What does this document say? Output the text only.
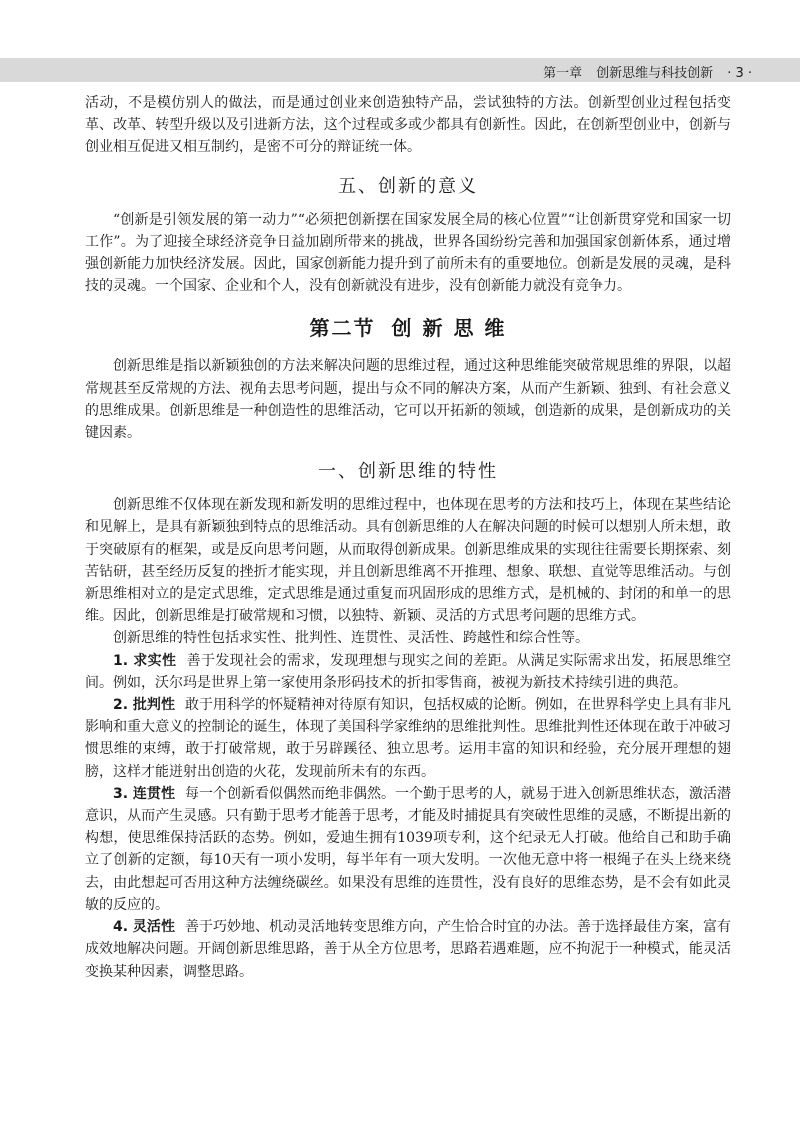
第一章 创新思维与科技创新 · 3 ·

活动，不是模仿别人的做法，而是通过创业来创造独特产品，尝试独特的方法。创新型创业过程包括变革、改革、转型升级以及引进新方法，这个过程或多或少都具有创新性。因此，在创新型创业中，创新与创业相互促进又相互制约，是密不可分的辩证统一体。

五、创新的意义

“创新是引领发展的第一动力”“必须把创新摆在国家发展全局的核心位置”“让创新贯穿党和国家一切工作”。为了迎接全球经济竞争日益加剧所带来的挑战，世界各国纷纷完善和加强国家创新体系，通过增强创新能力加快经济发展。因此，国家创新能力提升到了前所未有的重要地位。创新是发展的灵魂，是科技的灵魂。一个国家、企业和个人，没有创新就没有进步，没有创新能力就没有竞争力。

第二节 创 新 思 维

创新思维是指以新颖独创的方法来解决问题的思维过程，通过这种思维能突破常规思维的界限，以超常规甚至反常规的方法、视角去思考问题，提出与众不同的解决方案，从而产生新颖、独到、有社会意义的思维成果。创新思维是一种创造性的思维活动，它可以开拓新的领域，创造新的成果，是创新成功的关键因素。

一、创新思维的特性

创新思维不仅体现在新发现和新发明的思维过程中，也体现在思考的方法和技巧上，体现在某些结论和见解上，是具有新颖独到特点的思维活动。具有创新思维的人在解决问题的时候可以想别人所未想，敢于突破原有的框架，或是反向思考问题，从而取得创新成果。创新思维成果的实现往往需要长期探索、刻苦钻研，甚至经历反复的挫折才能实现，并且创新思维离不开推理、想象、联想、直觉等思维活动。与创新思维相对立的是定式思维，定式思维是通过重复而巩固形成的思维方式，是机械的、封闭的和单一的思维。因此，创新思维是打破常规和习惯，以独特、新颖、灵活的方式思考问题的思维方式。

创新思维的特性包括求实性、批判性、连贯性、灵活性、跨越性和综合性等。

1. 求实性 善于发现社会的需求，发现理想与现实之间的差距。从满足实际需求出发，拓展思维空间。例如，沃尔玛是世界上第一家使用条形码技术的折扣零售商，被视为新技术持续引进的典范。

2. 批判性 敢于用科学的怀疑精神对待原有知识，包括权威的论断。例如，在世界科学史上具有非凡影响和重大意义的控制论的诞生，体现了美国科学家维纳的思维批判性。思维批判性还体现在敢于冲破习惯思维的束缚，敢于打破常规，敢于另辟蹊径、独立思考。运用丰富的知识和经验，充分展开理想的翅膀，这样才能迸射出创造的火花，发现前所未有的东西。

3. 连贯性 每一个创新看似偶然而绝非偶然。一个勤于思考的人，就易于进入创新思维状态，激活潜意识，从而产生灵感。只有勤于思考才能善于思考，才能及时捕捉具有突破性思维的灵感，不断提出新的构想，使思维保持活跃的态势。例如，爱迪生拥有1039项专利，这个纪录无人打破。他给自己和助手确立了创新的定额，每10天有一项小发明，每半年有一项大发明。一次他无意中将一根绳子在头上绕来绕去，由此想起可否用这种方法缠绕碳丝。如果没有思维的连贯性，没有良好的思维态势，是不会有如此灵敏的反应的。

4. 灵活性 善于巧妙地、机动灵活地转变思维方向，产生恰合时宜的办法。善于选择最佳方案，富有成效地解决问题。开阔创新思维思路，善于从全方位思考，思路若遇难题，应不拘泥于一种模式，能灵活变换某种因素，调整思路。
